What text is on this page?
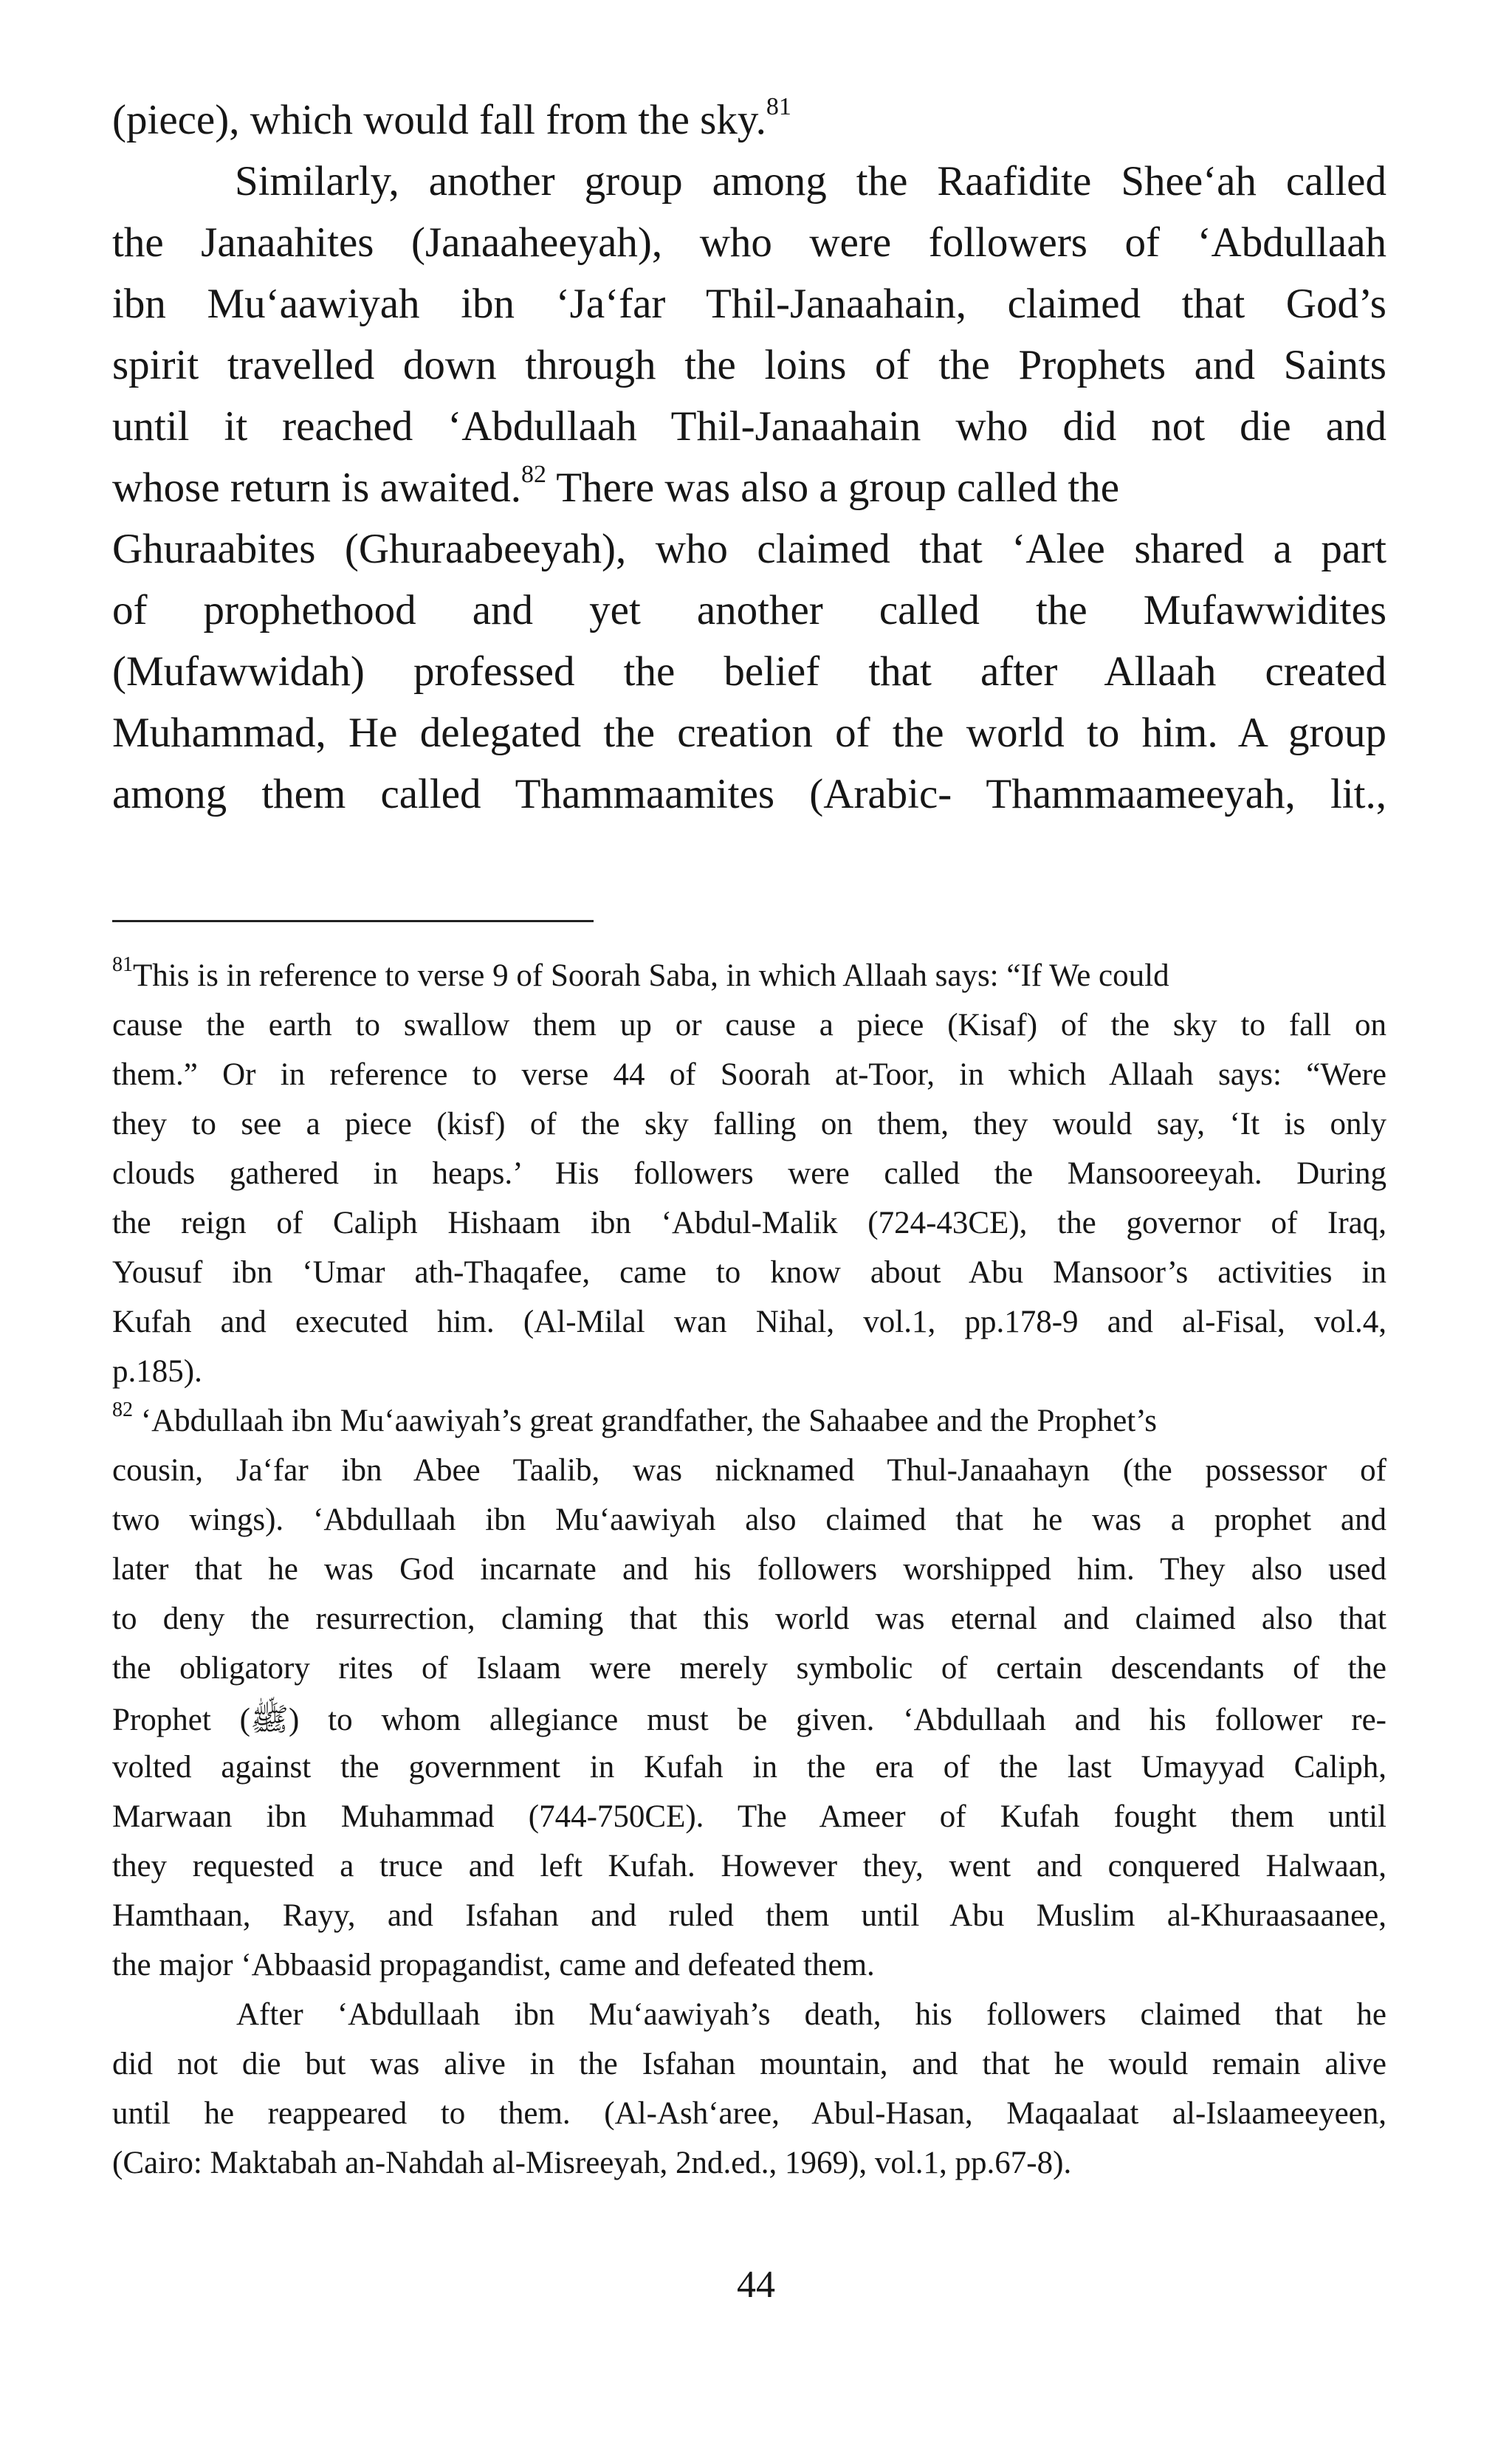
(piece), which would fall from the sky.$^{81}$
Similarly, another group among the Raafidite Shee‘ah called
the Janaahites (Janaaheeyah), who were followers of ‘Abdullaah
ibn Mu‘aawiyah ibn ‘Ja‘far Thil-Janaahain, claimed that God’s
spirit travelled down through the loins of the Prophets and Saints
until it reached ‘Abdullaah Thil-Janaahain who did not die and
whose return is awaited.$^{82}$ There was also a group called the
Ghuraabites (Ghuraabeeyah), who claimed that ‘Alee shared a part
of prophethood and yet another called the Mufawwidites
(Mufawwidah) professed the belief that after Allaah created
Muhammad, He delegated the creation of the world to him. A group
among them called Thammaamites (Arabic- Thammaameeyah, lit.,
$^{81}$This is in reference to verse 9 of Soorah Saba, in which Allaah says: “If We could
cause the earth to swallow them up or cause a piece (Kisaf) of the sky to fall on
them.” Or in reference to verse 44 of Soorah at-Toor, in which Allaah says: “Were
they to see a piece (kisf) of the sky falling on them, they would say, ‘It is only
clouds gathered in heaps.’ His followers were called the Mansooreeyah. During
the reign of Caliph Hishaam ibn ‘Abdul-Malik (724-43CE), the governor of Iraq,
Yousuf ibn ‘Umar ath-Thaqafee, came to know about Abu Mansoor’s activities in
Kufah and executed him. (Al-Milal wan Nihal, vol.1, pp.178-9 and al-Fisal, vol.4,
p.185).
$^{82}$ ‘Abdullaah ibn Mu‘aawiyah’s great grandfather, the Sahaabee and the Prophet’s
cousin, Ja‘far ibn Abee Taalib, was nicknamed Thul-Janaahayn (the possessor of
two wings). ‘Abdullaah ibn Mu‘aawiyah also claimed that he was a prophet and
later that he was God incarnate and his followers worshipped him. They also used
to deny the resurrection, claming that this world was eternal and claimed also that
the obligatory rites of Islaam were merely symbolic of certain descendants of the
Prophet (ﷺ) to whom allegiance must be given. ‘Abdullaah and his follower re-
volted against the government in Kufah in the era of the last Umayyad Caliph,
Marwaan ibn Muhammad (744-750CE). The Ameer of Kufah fought them until
they requested a truce and left Kufah. However they, went and conquered Halwaan,
Hamthaan, Rayy, and Isfahan and ruled them until Abu Muslim al-Khuraasaanee,
the major ‘Abbaasid propagandist, came and defeated them.
After ‘Abdullaah ibn Mu‘aawiyah’s death, his followers claimed that he
did not die but was alive in the Isfahan mountain, and that he would remain alive
until he reappeared to them. (Al-Ash‘aree, Abul-Hasan, Maqaalaat al-Islaameeyeen,
(Cairo: Maktabah an-Nahdah al-Misreeyah, 2nd.ed., 1969), vol.1, pp.67-8).
44
